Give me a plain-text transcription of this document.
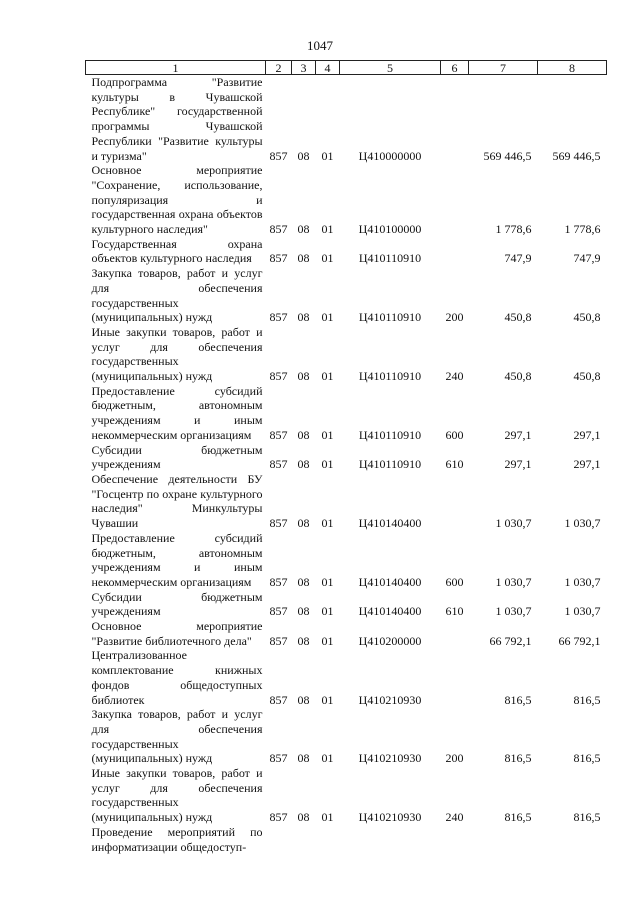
1047
1	2	3	4	5	6	7	8
Подпрограмма "Развитие культуры в Чувашской Республике" государственной программы Чувашской Республики "Развитие культуры и туризма"	857	08	01	Ц410000000		569 446,5	569 446,5
Основное мероприятие "Сохранение, использование, популяризация и государственная охрана объектов культурного наследия"	857	08	01	Ц410100000		1 778,6	1 778,6
Государственная охрана объектов культурного наследия	857	08	01	Ц410110910		747,9	747,9
Закупка товаров, работ и услуг для обеспечения государственных (муниципальных) нужд	857	08	01	Ц410110910	200	450,8	450,8
Иные закупки товаров, работ и услуг для обеспечения государственных (муниципальных) нужд	857	08	01	Ц410110910	240	450,8	450,8
Предоставление субсидий бюджетным, автономным учреждениям и иным некоммерческим организациям	857	08	01	Ц410110910	600	297,1	297,1
Субсидии бюджетным учреждениям	857	08	01	Ц410110910	610	297,1	297,1
Обеспечение деятельности БУ "Госцентр по охране культурного наследия" Минкультуры Чувашии	857	08	01	Ц410140400		1 030,7	1 030,7
Предоставление субсидий бюджетным, автономным учреждениям и иным некоммерческим организациям	857	08	01	Ц410140400	600	1 030,7	1 030,7
Субсидии бюджетным учреждениям	857	08	01	Ц410140400	610	1 030,7	1 030,7
Основное мероприятие "Развитие библиотечного дела"	857	08	01	Ц410200000		66 792,1	66 792,1
Централизованное комплектование книжных фондов общедоступных библиотек	857	08	01	Ц410210930		816,5	816,5
Закупка товаров, работ и услуг для обеспечения государственных (муниципальных) нужд	857	08	01	Ц410210930	200	816,5	816,5
Иные закупки товаров, работ и услуг для обеспечения государственных (муниципальных) нужд	857	08	01	Ц410210930	240	816,5	816,5
Проведение мероприятий по информатизации общедоступ-							
